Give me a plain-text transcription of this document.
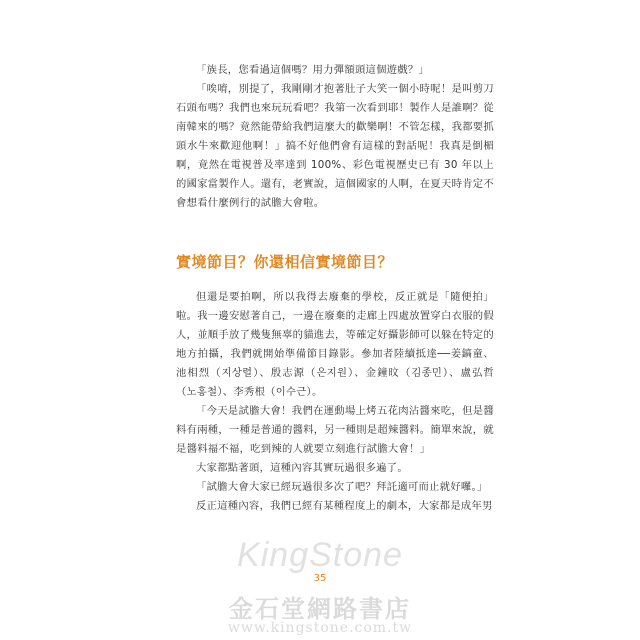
「族長，您看過這個嗎？用力彈額頭這個遊戲？」

「唉唷，別提了，我剛剛才抱著肚子大笑一個小時呢！是叫剪刀石頭布嗎？我們也來玩玩看吧？我第一次看到耶！製作人是誰啊？從南韓來的嗎？竟然能帶給我們這麼大的歡樂啊！不管怎樣，我都要抓頭水牛來歡迎他啊！」搞不好他們會有這樣的對話呢！我真是倒楣啊，竟然在電視普及率達到 100%、彩色電視歷史已有 30 年以上的國家當製作人。還有，老實說，這個國家的人啊，在夏天時肯定不會想看什麼例行的試膽大會啦。

實境節目？你還相信實境節目？

但還是要拍啊，所以我得去廢棄的學校，反正就是「隨便拍」啦。我一邊安慰著自己，一邊在廢棄的走廊上四處放置穿白衣服的假人，並順手放了幾隻無辜的貓進去，等確定好攝影師可以躲在特定的地方拍攝，我們就開始準備節目錄影。參加者陸續抵達──姜鎬童、池相烈（지상렬）、殷志源（은지원）、金鐘旼（김종민）、盧弘哲（노홍철）、李秀根（이수근）。

「今天是試膽大會！我們在運動場上烤五花肉沾醬來吃，但是醬料有兩種，一種是普通的醬料，另一種則是超辣醬料。簡單來說，就是醬料福不福，吃到辣的人就要立刻進行試膽大會！」

大家都點著頭，這種內容其實玩過很多遍了。

「試膽大會大家已經玩過很多次了吧？拜託適可而止就好囉。」

反正這種內容，我們已經有某種程度上的劇本，大家都是成年男

KingStone
35
金石堂網路書店
www.kingstone.com.tw
